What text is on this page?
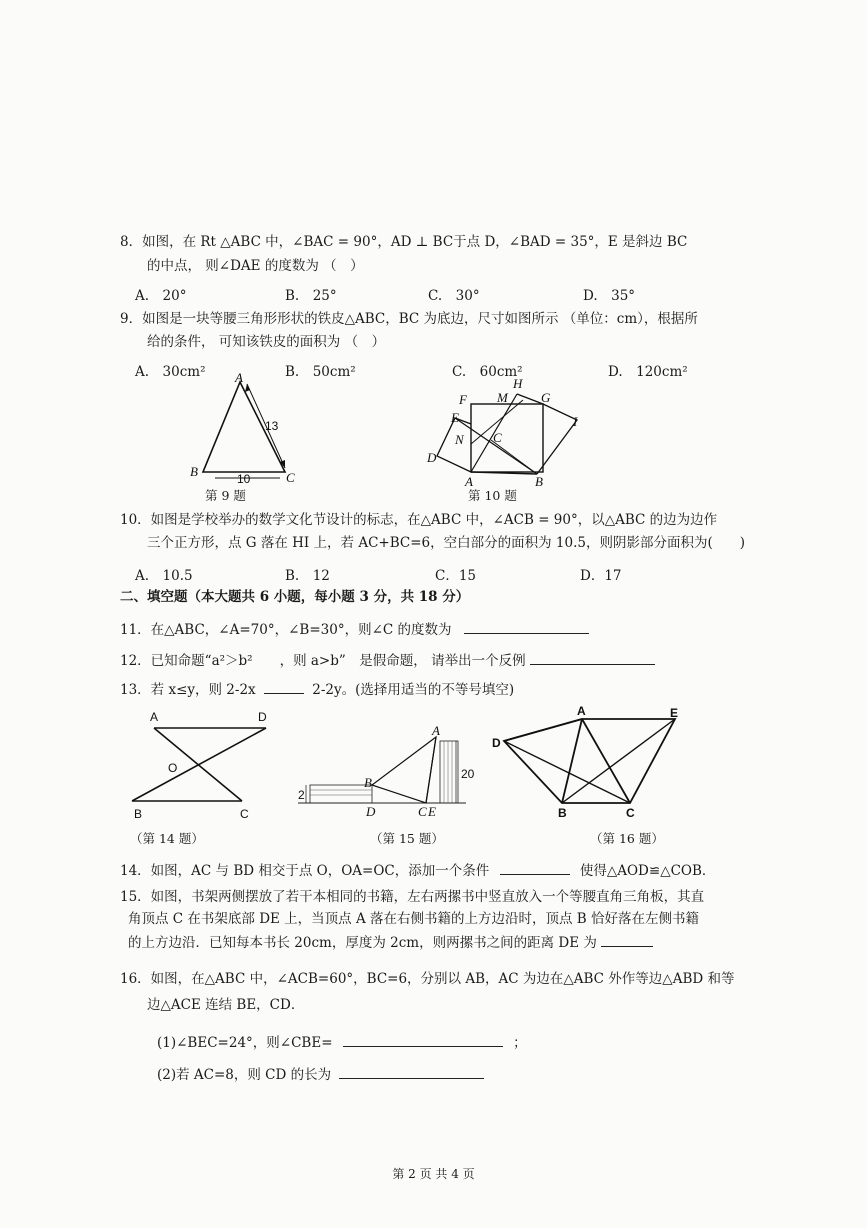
8．如图，在 Rt △ABC 中，∠BAC = 90°，AD ⊥ BC于点 D，∠BAD = 35°，E 是斜边 BC
的中点， 则∠DAE 的度数为 （　）
A.　20°	B.　25°	C.　30°	D.　35°
9．如图是一块等腰三角形形状的铁皮△ABC，BC 为底边，尺寸如图所示 （单位：cm），根据所
给的条件， 可知该铁皮的面积为 （　）
A.　30cm²	B.　50cm²	C.　60cm²	D.　120cm²
A
B	C
13
10
第 9 题
H
M	G
F
E
N C
I
D
A	B
第 10 题
10．如图是学校举办的数学文化节设计的标志，在△ABC 中，∠ACB = 90°，以△ABC 的边为边作
三个正方形，点 G 落在 HI 上，若 AC+BC=6，空白部分的面积为 10.5，则阴影部分面积为(　　)
A.　10.5	B.　12	C．15	D．17
二、填空题（本大题共 6 小题，每小题 3 分，共 18 分）
11．在△ABC，∠A=70°，∠B=30°，则∠C 的度数为
12．已知命题“a²＞b²　　，则 a>b”　是假命题， 请举出一个反例
13．若 x≤y，则 2-2x	2-2y。(选择用适当的不等号填空)
A	D
O
B	C
（第 14 题）
A
20
B
2
D	C E
（第 15 题）
A	E
D
B	C
（第 16 题）
14．如图，AC 与 BD 相交于点 O，OA=OC，添加一个条件	使得△AOD≌△COB．
15．如图，书架两侧摆放了若干本相同的书籍，左右两摞书中竖直放入一个等腰直角三角板，其直
角顶点 C 在书架底部 DE 上，当顶点 A 落在右侧书籍的上方边沿时，顶点 B 恰好落在左侧书籍
的上方边沿．已知每本书长 20cm，厚度为 2cm，则两摞书之间的距离 DE 为
16．如图，在△ABC 中，∠ACB=60°，BC=6，分别以 AB，AC 为边在△ABC 外作等边△ABD 和等
边△ACE 连结 BE，CD．
(1)∠BEC=24°，则∠CBE=	；
(2)若 AC=8，则 CD 的长为
第 2 页 共 4 页
